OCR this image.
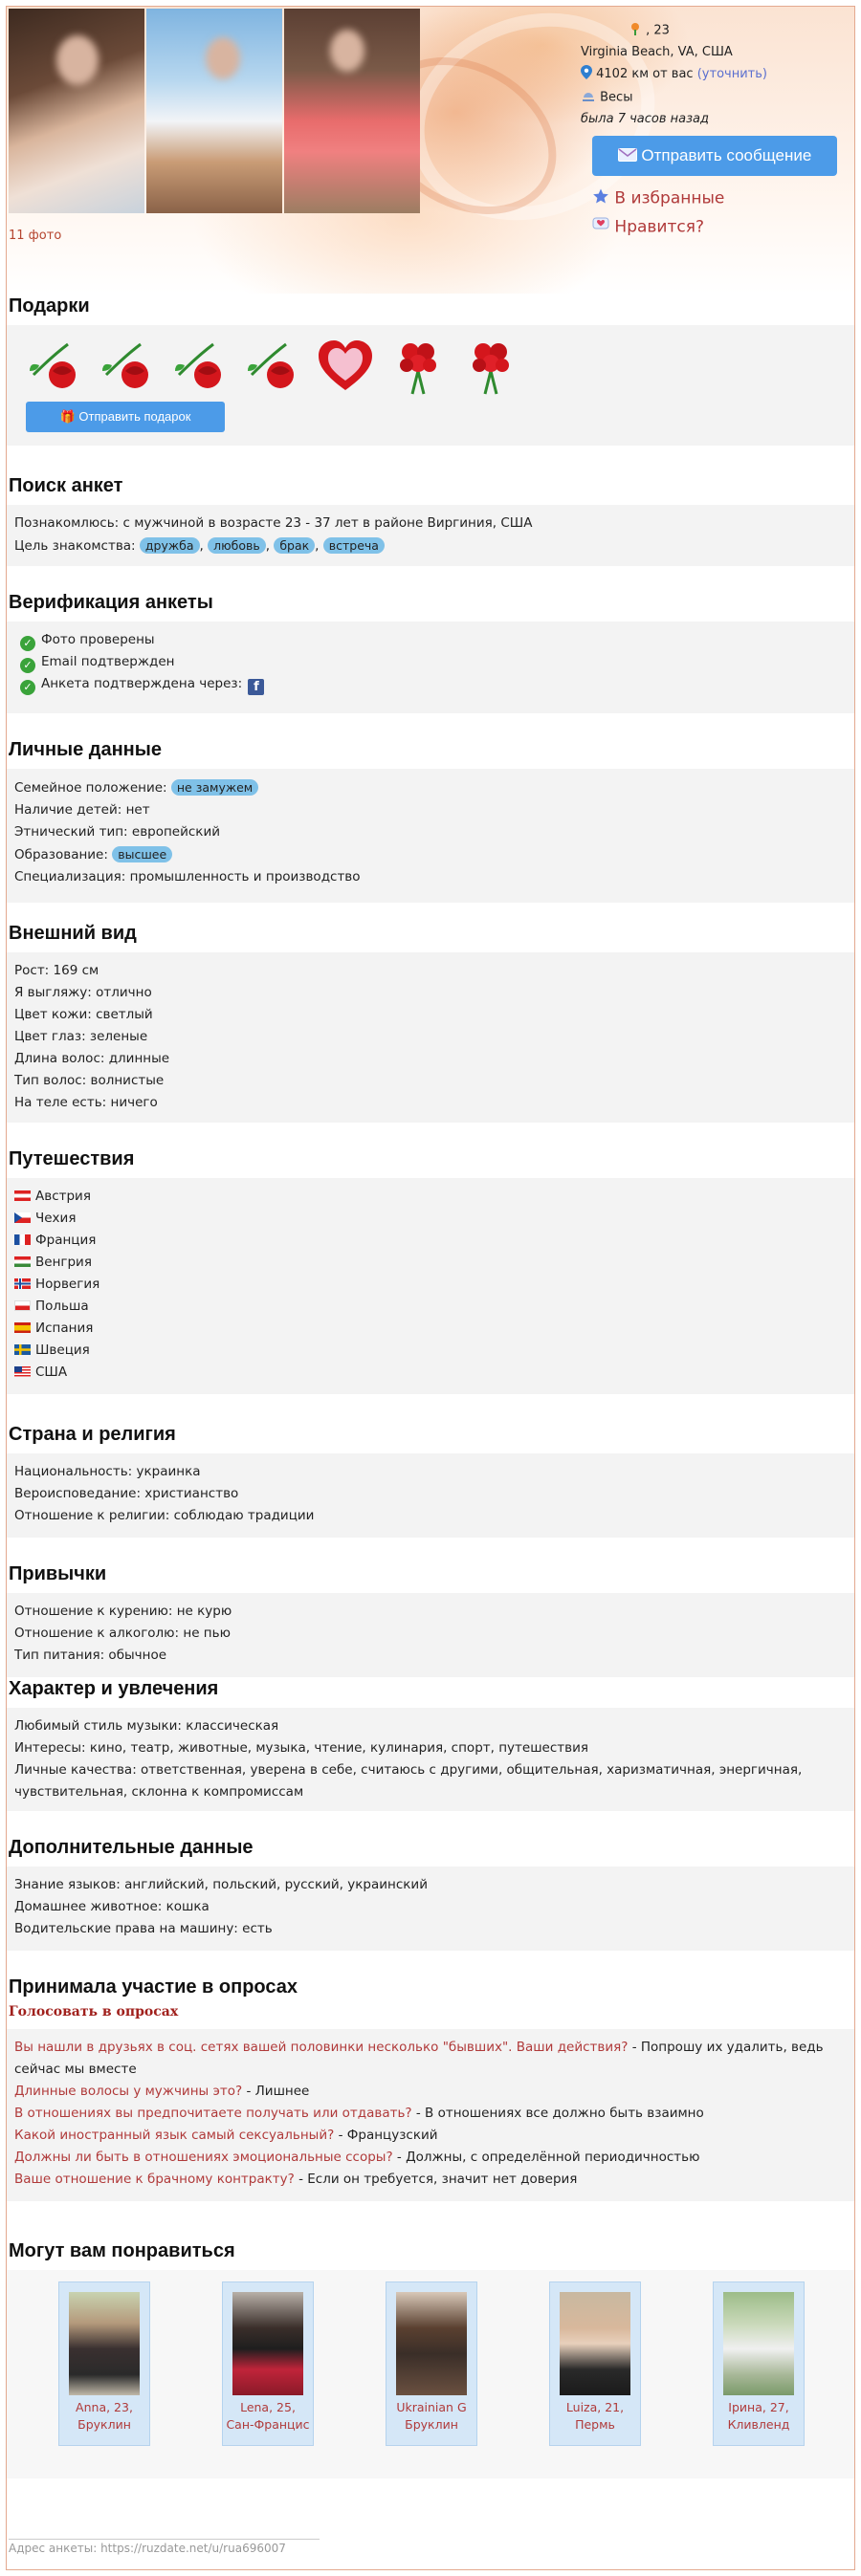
11 фото
, 23
Virginia Beach, VA, США
4102 км от вас (уточнить)
Весы
была 7 часов назад
Отправить сообщение
В избранные
Нравится?
Подарки
🎁 Отправить подарок
Поиск анкет
Познакомлюсь: с мужчиной в возрасте 23 - 37 лет в районе Виргиния, США
Цель знакомства: дружба , любовь , брак , встреча
Верификация анкеты
✓ Фото проверены
✓ Email подтвержден
✓ Анкета подтверждена через: f
Личные данные
Семейное положение: не замужем
Наличие детей: нет
Этнический тип: европейский
Образование: высшее
Специализация: промышленность и производство
Внешний вид
Рост: 169 см
Я выгляжу: отлично
Цвет кожи: светлый
Цвет глаз: зеленые
Длина волос: длинные
Тип волос: волнистые
На теле есть: ничего
Путешествия
Австрия
Чехия
Франция
Венгрия
Норвегия
Польша
Испания
Швеция
США
Страна и религия
Национальность: украинка
Вероисповедание: христианство
Отношение к религии: соблюдаю традиции
Привычки
Отношение к курению: не курю
Отношение к алкоголю: не пью
Тип питания: обычное
Характер и увлечения
Любимый стиль музыки: классическая
Интересы: кино, театр, животные, музыка, чтение, кулинария, спорт, путешествия
Личные качества: ответственная, уверена в себе, считаюсь с другими, общительная, харизматичная, энергичная,
чувствительная, склонна к компромиссам
Дополнительные данные
Знание языков: английский, польский, русский, украинский
Домашнее животное: кошка
Водительские права на машину: есть
Принимала участие в опросах
Голосовать в опросах
Вы нашли в друзьях в соц. сетях вашей половинки несколько "бывших". Ваши действия? - Попрошу их удалить, ведь
сейчас мы вместе
Длинные волосы у мужчины это? - Лишнее
В отношениях вы предпочитаете получать или отдавать? - В отношениях все должно быть взаимно
Какой иностранный язык самый сексуальный? - Французский
Должны ли быть в отношениях эмоциональные ссоры? - Должны, с определённой периодичностью
Ваше отношение к брачному контракту? - Если он требуется, значит нет доверия
Могут вам понравиться
Anna, 23,
Бруклин
Lena, 25,
Сан-Францис
Ukrainian G
Бруклин
Luiza, 21,
Пермь
Ірина, 27,
Кливленд
Адрес анкеты: https://ruzdate.net/u/rua696007
